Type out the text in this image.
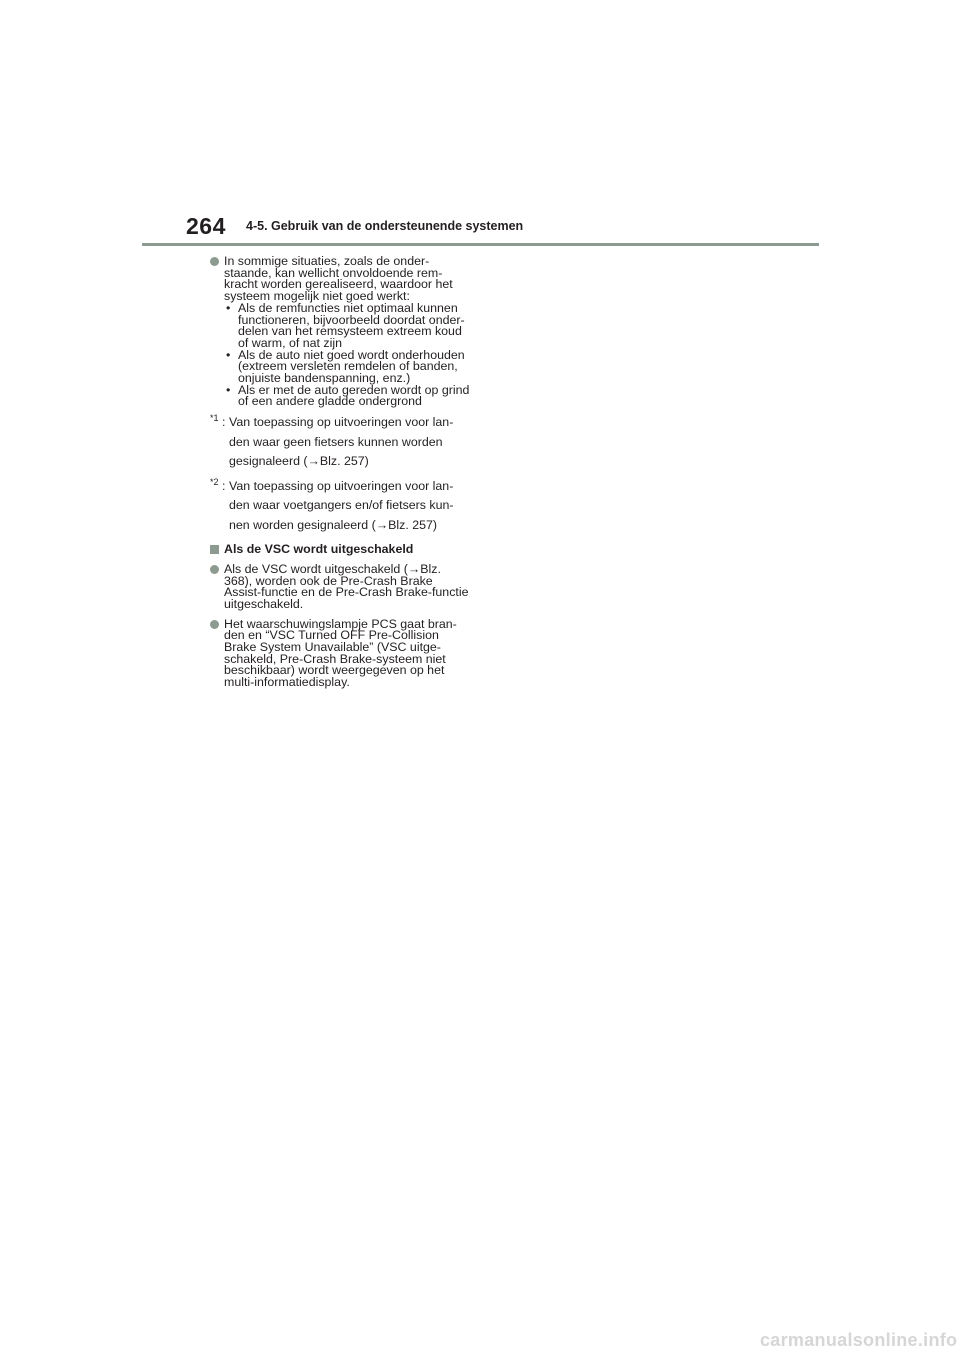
264 4-5. Gebruik van de ondersteunende systemen

In sommige situaties, zoals de onder-staande, kan wellicht onvoldoende rem-kracht worden gerealiseerd, waardoor het systeem mogelijk niet goed werkt:

• Als de remfuncties niet optimaal kunnen functioneren, bijvoorbeeld doordat onder-delen van het remsysteem extreem koud of warm, of nat zijn
• Als de auto niet goed wordt onderhouden (extreem versleten remdelen of banden, onjuiste bandenspanning, enz.)
• Als er met de auto gereden wordt op grind of een andere gladde ondergrond
*1 : Van toepassing op uitvoeringen voor lan-den waar geen fietsers kunnen worden gesignaleerd (→Blz. 257)
*2 : Van toepassing op uitvoeringen voor lan-den waar voetgangers en/of fietsers kun-nen worden gesignaleerd (→Blz. 257)
Als de VSC wordt uitgeschakeld

Als de VSC wordt uitgeschakeld (→Blz. 368), worden ook de Pre-Crash Brake Assist-functie en de Pre-Crash Brake-functie uitgeschakeld.

Het waarschuwingslampje PCS gaat bran-den en “VSC Turned OFF Pre-Collision Brake System Unavailable” (VSC uitge-schakeld, Pre-Crash Brake-systeem niet beschikbaar) wordt weergegeven op het multi-informatiedisplay.

carmanualsonline.info
